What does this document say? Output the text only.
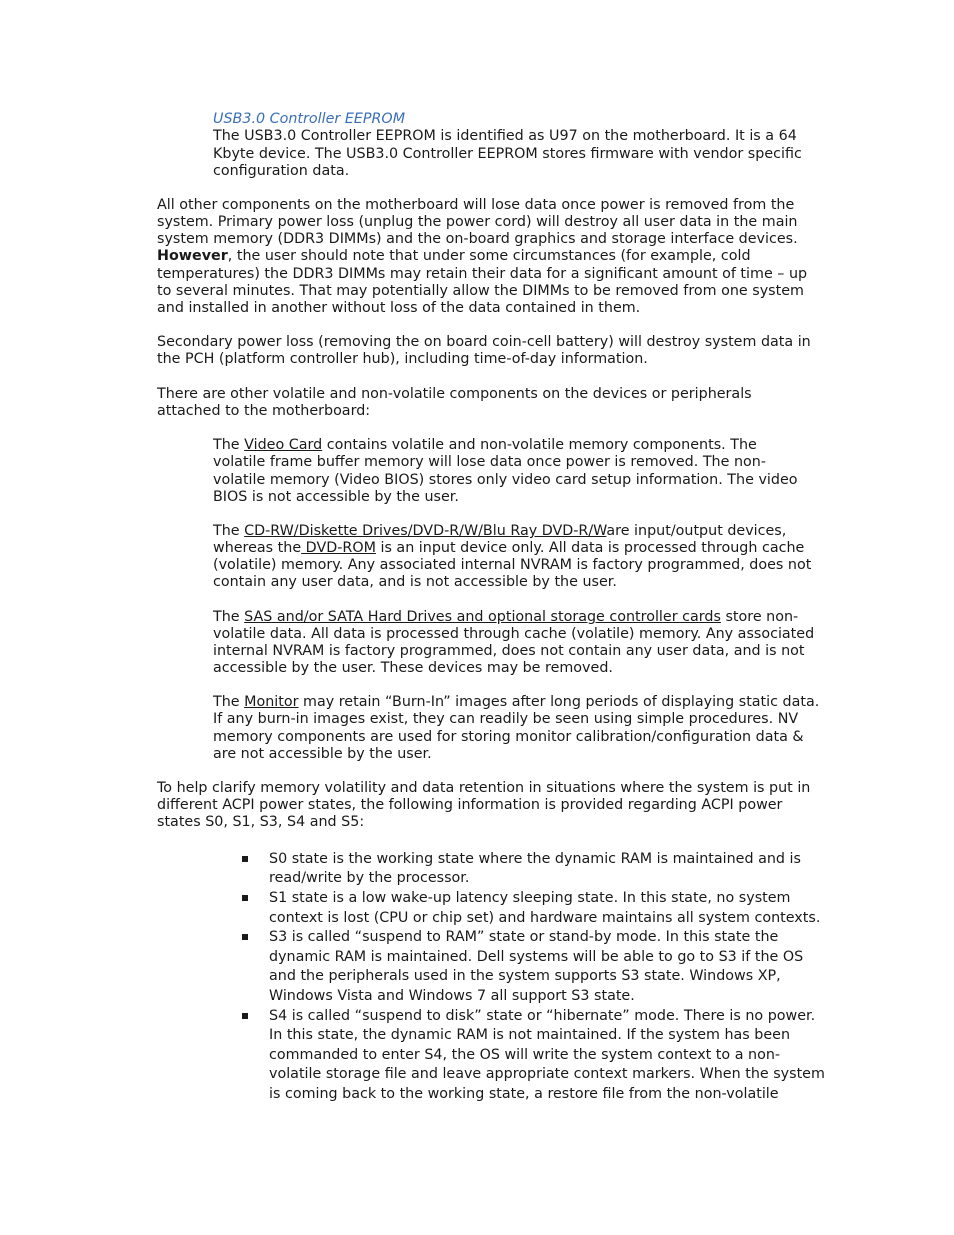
USB3.0 Controller EEPROM
The USB3.0 Controller EEPROM is identified as U97 on the motherboard. It is a 64
Kbyte device. The USB3.0 Controller EEPROM stores firmware with vendor specific
configuration data.
All other components on the motherboard will lose data once power is removed from the
system. Primary power loss (unplug the power cord) will destroy all user data in the main
system memory (DDR3 DIMMs) and the on-board graphics and storage interface devices.
However, the user should note that under some circumstances (for example, cold
temperatures) the DDR3 DIMMs may retain their data for a significant amount of time – up
to several minutes. That may potentially allow the DIMMs to be removed from one system
and installed in another without loss of the data contained in them.
Secondary power loss (removing the on board coin-cell battery) will destroy system data in
the PCH (platform controller hub), including time-of-day information.
There are other volatile and non-volatile components on the devices or peripherals
attached to the motherboard:
The Video Card contains volatile and non-volatile memory components. The
volatile frame buffer memory will lose data once power is removed. The non-
volatile memory (Video BIOS) stores only video card setup information. The video
BIOS is not accessible by the user.
The CD-RW/Diskette Drives/DVD-R/W/Blu Ray DVD-R/Ware input/output devices,
whereas the DVD-ROM is an input device only. All data is processed through cache
(volatile) memory. Any associated internal NVRAM is factory programmed, does not
contain any user data, and is not accessible by the user.
The SAS and/or SATA Hard Drives and optional storage controller cards store non-
volatile data. All data is processed through cache (volatile) memory. Any associated
internal NVRAM is factory programmed, does not contain any user data, and is not
accessible by the user. These devices may be removed.
The Monitor may retain “Burn-In” images after long periods of displaying static data.
If any burn-in images exist, they can readily be seen using simple procedures. NV
memory components are used for storing monitor calibration/configuration data &
are not accessible by the user.
To help clarify memory volatility and data retention in situations where the system is put in
different ACPI power states, the following information is provided regarding ACPI power
states S0, S1, S3, S4 and S5:
S0 state is the working state where the dynamic RAM is maintained and is
read/write by the processor.
S1 state is a low wake-up latency sleeping state. In this state, no system
context is lost (CPU or chip set) and hardware maintains all system contexts.
S3 is called “suspend to RAM” state or stand-by mode. In this state the
dynamic RAM is maintained. Dell systems will be able to go to S3 if the OS
and the peripherals used in the system supports S3 state. Windows XP,
Windows Vista and Windows 7 all support S3 state.
S4 is called “suspend to disk” state or “hibernate” mode. There is no power.
In this state, the dynamic RAM is not maintained. If the system has been
commanded to enter S4, the OS will write the system context to a non-
volatile storage file and leave appropriate context markers. When the system
is coming back to the working state, a restore file from the non-volatile
